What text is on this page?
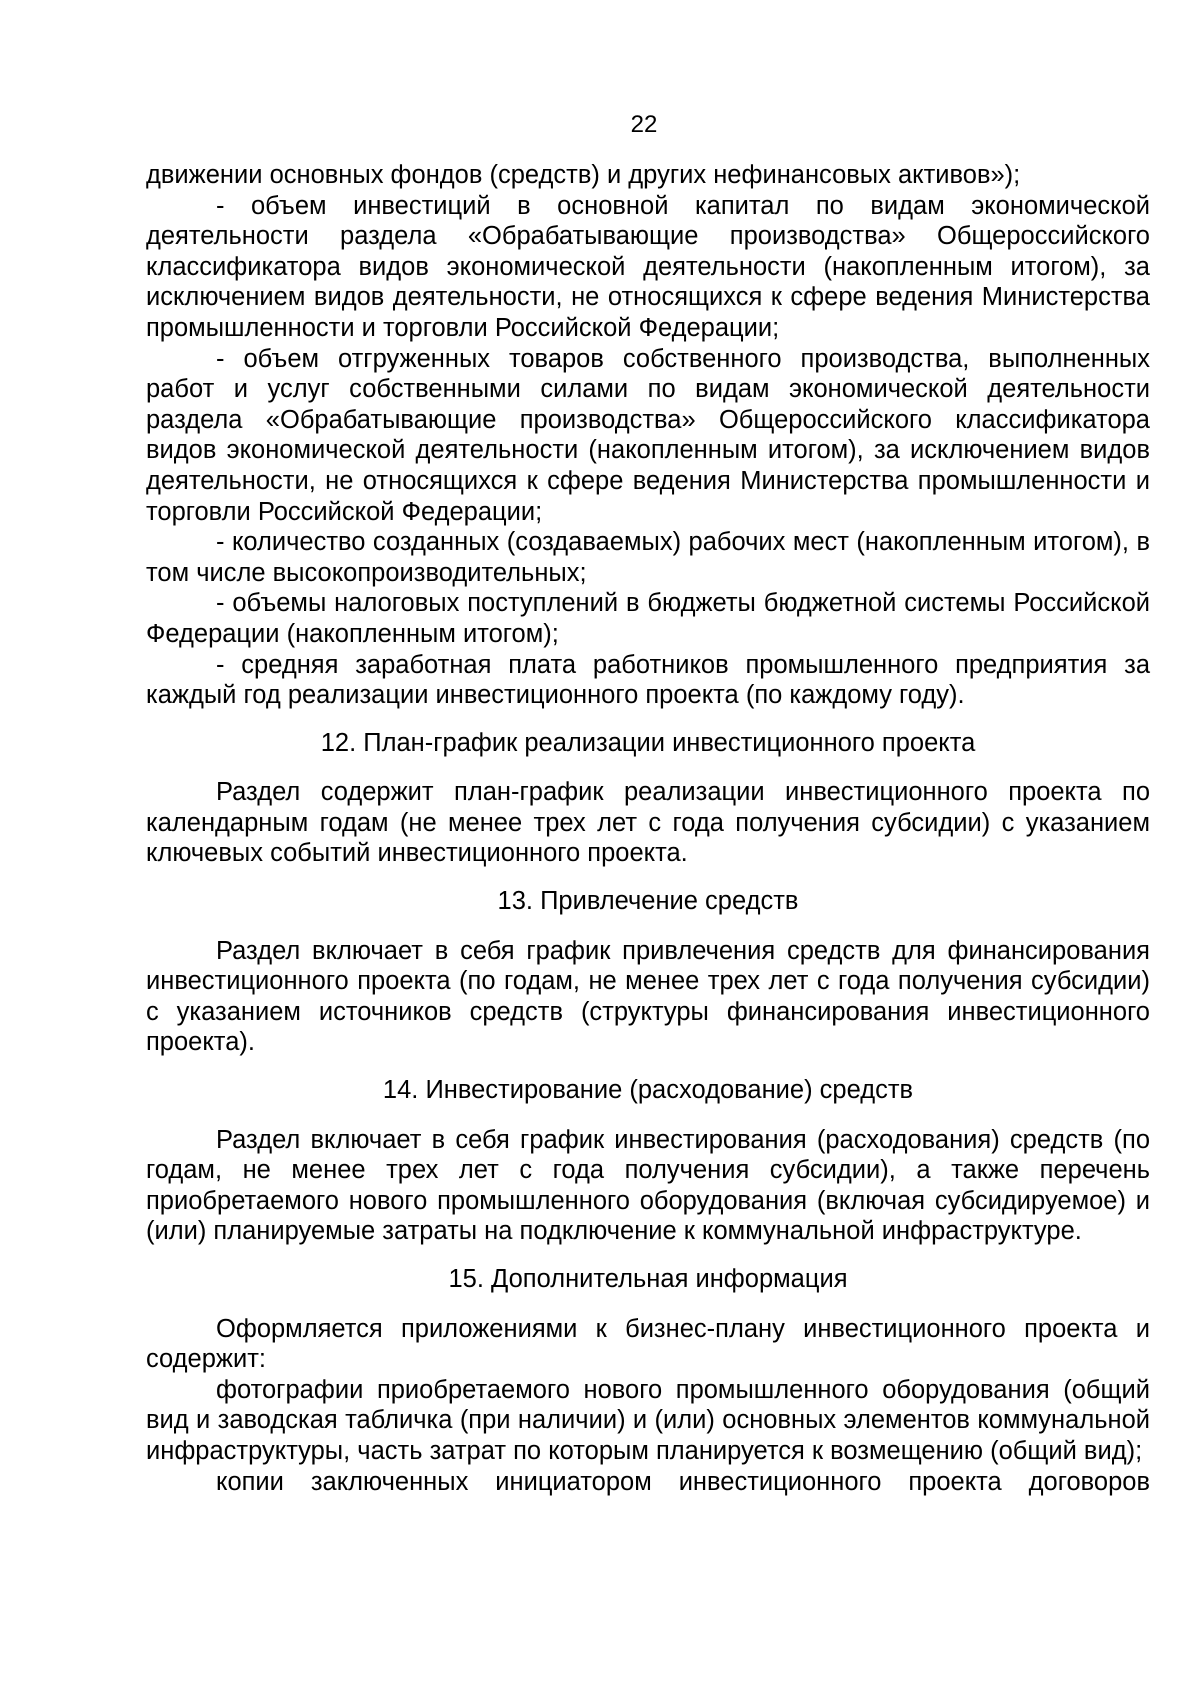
22

движении основных фондов (средств) и других нефинансовых активов»);

- объем инвестиций в основной капитал по видам экономической деятельности раздела «Обрабатывающие производства» Общероссийского классификатора видов экономической деятельности (накопленным итогом), за исключением видов деятельности, не относящихся к сфере ведения Министерства промышленности и торговли Российской Федерации;

- объем отгруженных товаров собственного производства, выполненных работ и услуг собственными силами по видам экономической деятельности раздела «Обрабатывающие производства» Общероссийского классификатора видов экономической деятельности (накопленным итогом), за исключением видов деятельности, не относящихся к сфере ведения Министерства промышленности и торговли Российской Федерации;

- количество созданных (создаваемых) рабочих мест (накопленным итогом), в том числе высокопроизводительных;

- объемы налоговых поступлений в бюджеты бюджетной системы Российской Федерации (накопленным итогом);

- средняя заработная плата работников промышленного предприятия за каждый год реализации инвестиционного проекта (по каждому году).

12. План-график реализации инвестиционного проекта

Раздел содержит план-график реализации инвестиционного проекта по календарным годам (не менее трех лет с года получения субсидии) с указанием ключевых событий инвестиционного проекта.

13. Привлечение средств

Раздел включает в себя график привлечения средств для финансирования инвестиционного проекта (по годам, не менее трех лет с года получения субсидии) с указанием источников средств (структуры финансирования инвестиционного проекта).

14. Инвестирование (расходование) средств

Раздел включает в себя график инвестирования (расходования) средств (по годам, не менее трех лет с года получения субсидии), а также перечень приобретаемого нового промышленного оборудования (включая субсидируемое) и (или) планируемые затраты на подключение к коммунальной инфраструктуре.

15. Дополнительная информация

Оформляется приложениями к бизнес-плану инвестиционного проекта и содержит:

фотографии приобретаемого нового промышленного оборудования (общий вид и заводская табличка (при наличии) и (или) основных элементов коммунальной инфраструктуры, часть затрат по которым планируется к возмещению (общий вид);

копии заключенных инициатором инвестиционного проекта договоров
